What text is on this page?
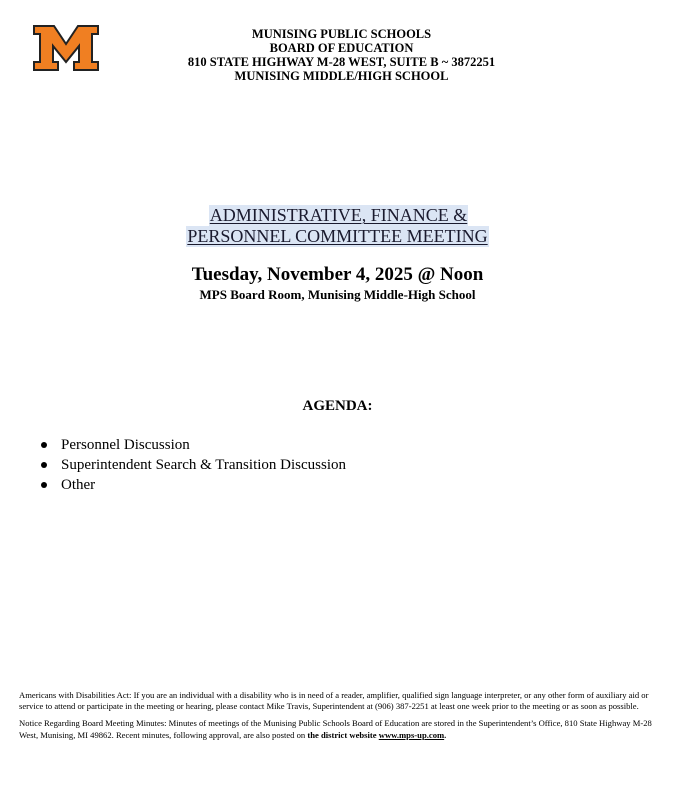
MUNISING PUBLIC SCHOOLS
BOARD OF EDUCATION
810 STATE HIGHWAY M-28 WEST, SUITE B ~ 3872251
MUNISING MIDDLE/HIGH SCHOOL
ADMINISTRATIVE, FINANCE &
PERSONNEL COMMITTEE MEETING
Tuesday, November 4, 2025 @ Noon
MPS Board Room, Munising Middle-High School
AGENDA:
Personnel Discussion
Superintendent Search & Transition Discussion
Other

Americans with Disabilities Act: If you are an individual with a disability who is in need of a reader, amplifier, qualified sign language interpreter, or any other form of auxiliary aid or service to attend or participate in the meeting or hearing, please contact Mike Travis, Superintendent at (906) 387-2251 at least one week prior to the meeting or as soon as possible.

Notice Regarding Board Meeting Minutes: Minutes of meetings of the Munising Public Schools Board of Education are stored in the Superintendent’s Office, 810 State Highway M-28 West, Munising, MI 49862. Recent minutes, following approval, are also posted on the district website www.mps-up.com.
